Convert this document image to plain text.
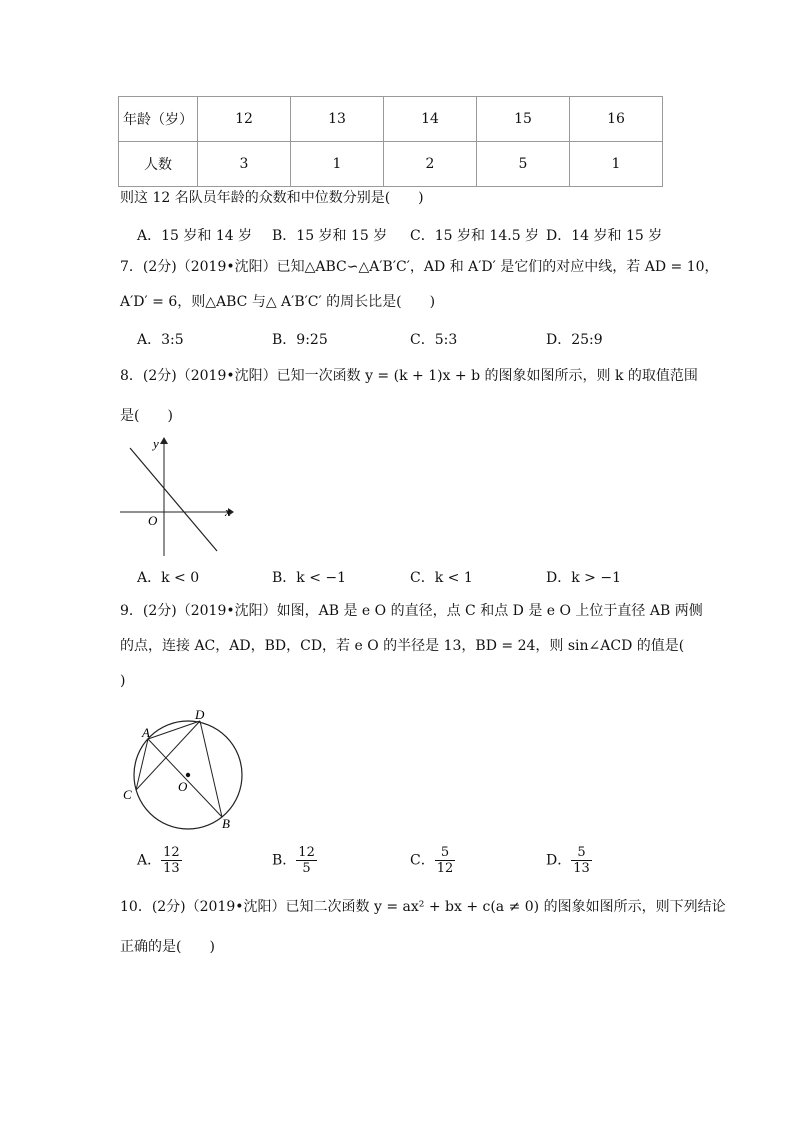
年龄（岁）	12	13	14	15	16
人数	3	1	2	5	1
则这 12 名队员年龄的众数和中位数分别是(　　)
A．15 岁和 14 岁 B．15 岁和 15 岁 C．15 岁和 14.5 岁 D．14 岁和 15 岁
7．(2分)（2019•沈阳）已知△ABC∽△A′B′C′，AD 和 A′D′ 是它们的对应中线，若 AD = 10，
A′D′ = 6，则△ABC 与△ A′B′C′ 的周长比是(　　)
A．3:5	B．9:25	C．5:3	D．25:9
8．(2分)（2019•沈阳）已知一次函数 y = (k + 1)x + b 的图象如图所示，则 k 的取值范围
是(　　)
y
x
O
A．k < 0	B．k < −1	C．k < 1	D．k > −1
9．(2分)（2019•沈阳）如图，AB 是 e O 的直径，点 C 和点 D 是 e O 上位于直径 AB 两侧
的点，连接 AC，AD，BD，CD，若 e O 的半径是 13，BD = 24，则 sin∠ACD 的值是(
)
A
D
C
B
O
A． $\frac{12}{13}$	B． $\frac{12}{5}$	C． $\frac{5}{12}$	D． $\frac{5}{13}$
10．(2分)（2019•沈阳）已知二次函数 y = ax² + bx + c(a ≠ 0) 的图象如图所示，则下列结论
正确的是(　　)
